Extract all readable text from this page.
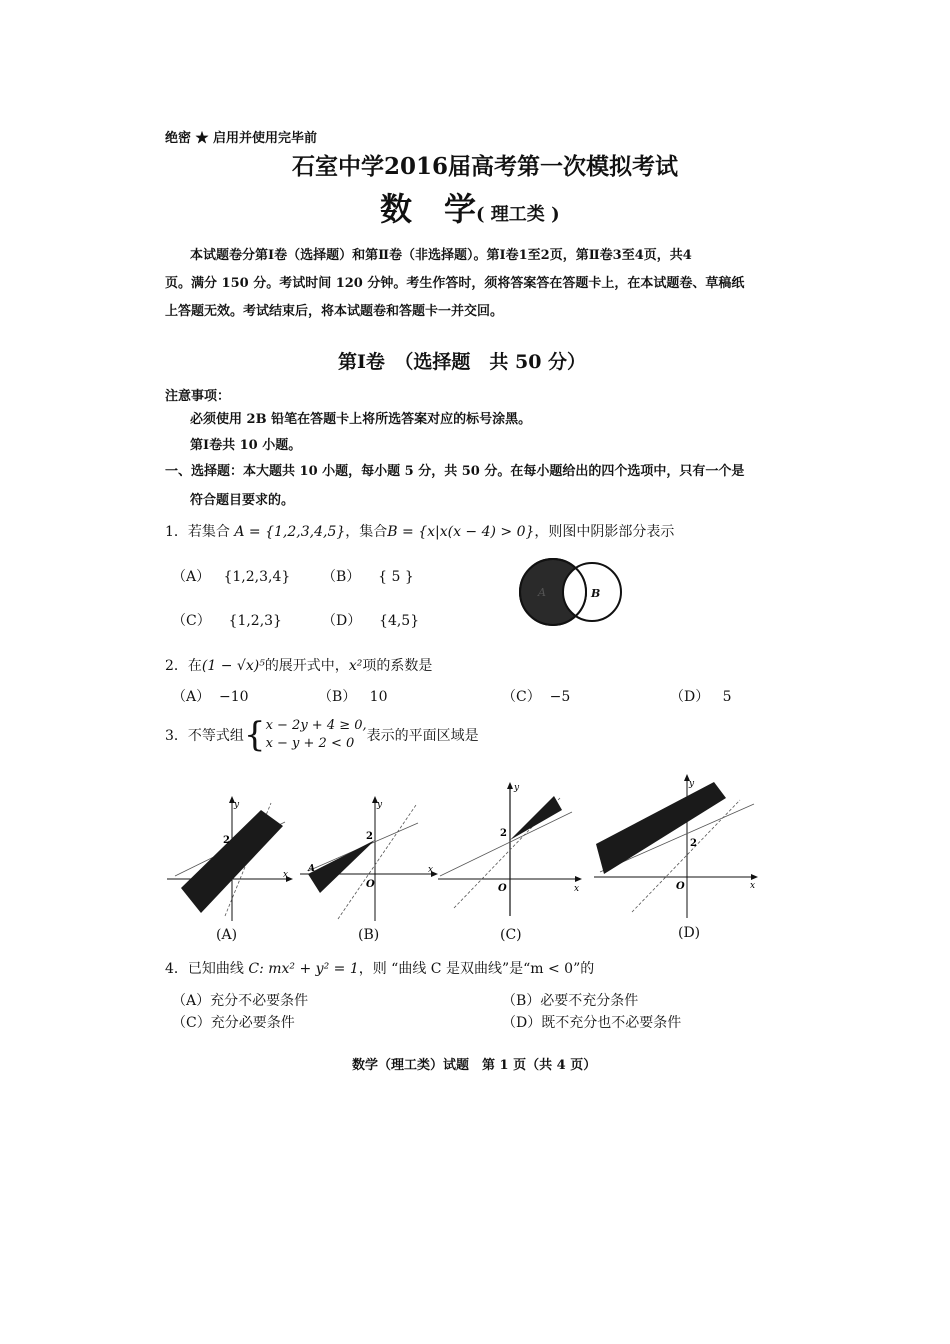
绝密 ★ 启用并使用完毕前
石室中学2016届高考第一次模拟考试
数　学( 理工类 )
本试题卷分第Ⅰ卷（选择题）和第Ⅱ卷（非选择题）。第Ⅰ卷1至2页，第Ⅱ卷3至4页，共4
页。满分 150 分。考试时间 120 分钟。考生作答时，须将答案答在答题卡上，在本试题卷、草稿纸
上答题无效。考试结束后，将本试题卷和答题卡一并交回。
第Ⅰ卷　（选择题　共 50 分）
注意事项：
必须使用 2B 铅笔在答题卡上将所选答案对应的标号涂黑。
第Ⅰ卷共 10 小题。
一、选择题：本大题共 10 小题，每小题 5 分，共 50 分。在每小题给出的四个选项中，只有一个是
符合题目要求的。
1．若集合 A = {1,2,3,4,5}，集合B = {x|x(x − 4) > 0}，则图中阴影部分表示
（A） {1,2,3,4} （B） { 5 }
（C） {1,2,3}	（D） {4,5}
A	B
2．在(1 − √x)⁵的展开式中，x²项的系数是
（A） −10	（B） 10	（C） −5	（D） 5
3．不等式组{x − 2y + 4 ≥ 0,
x − y + 2 < 0 表示的平面区域是
y
x
2
y
x
2
O
A
y
x
2
O
y
x
2
O
(A)	(B)	(C)	(D)
4．已知曲线 C: mx² + y² = 1，则 “曲线 C 是双曲线”是“m < 0”的
（A）充分不必要条件	（B）必要不充分条件
（C）充分必要条件	（D）既不充分也不必要条件
数学（理工类）试题　第 1 页（共 4 页）
